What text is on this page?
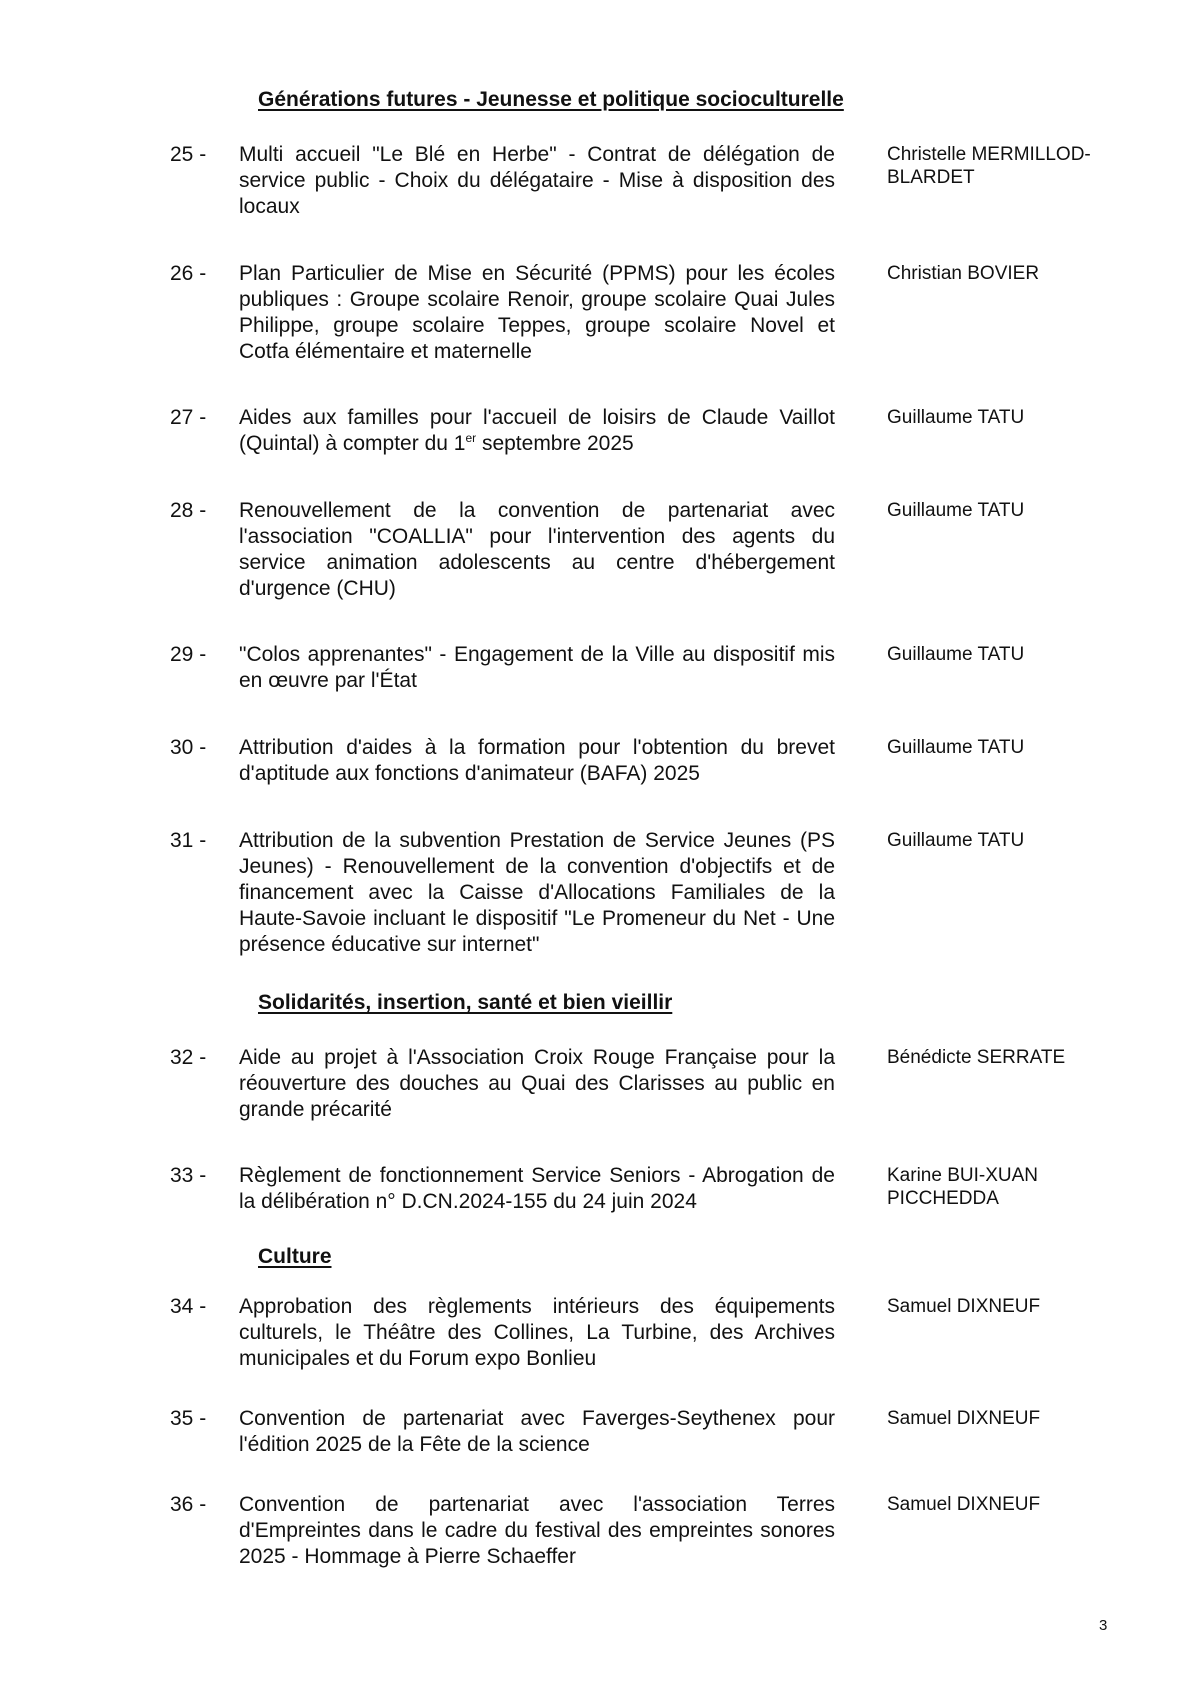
Générations futures - Jeunesse et politique socioculturelle
25 - Multi accueil "Le Blé en Herbe" - Contrat de délégation de service public - Choix du délégataire - Mise à disposition des locaux
Christelle MERMILLOD-BLARDET
26 - Plan Particulier de Mise en Sécurité (PPMS) pour les écoles publiques : Groupe scolaire Renoir, groupe scolaire Quai Jules Philippe, groupe scolaire Teppes, groupe scolaire Novel et Cotfa élémentaire et maternelle
Christian BOVIER
27 - Aides aux familles pour l'accueil de loisirs de Claude Vaillot (Quintal) à compter du 1er septembre 2025
Guillaume TATU
28 - Renouvellement de la convention de partenariat avec l'association "COALLIA" pour l'intervention des agents du service animation adolescents au centre d'hébergement d'urgence (CHU)
Guillaume TATU
29 - "Colos apprenantes" - Engagement de la Ville au dispositif mis en œuvre par l'État
Guillaume TATU
30 - Attribution d'aides à la formation pour l'obtention du brevet d'aptitude aux fonctions d'animateur (BAFA) 2025
Guillaume TATU
31 - Attribution de la subvention Prestation de Service Jeunes (PS Jeunes) - Renouvellement de la convention d'objectifs et de financement avec la Caisse d'Allocations Familiales de la Haute-Savoie incluant le dispositif "Le Promeneur du Net - Une présence éducative sur internet"
Guillaume TATU
Solidarités, insertion, santé et bien vieillir
32 - Aide au projet à l'Association Croix Rouge Française pour la réouverture des douches au Quai des Clarisses au public en grande précarité
Bénédicte SERRATE
33 - Règlement de fonctionnement Service Seniors - Abrogation de la délibération n° D.CN.2024-155 du 24 juin 2024
Karine BUI-XUAN PICCHEDDA
Culture
34 - Approbation des règlements intérieurs des équipements culturels, le Théâtre des Collines, La Turbine, des Archives municipales et du Forum expo Bonlieu
Samuel DIXNEUF
35 - Convention de partenariat avec Faverges-Seythenex pour l'édition 2025 de la Fête de la science
Samuel DIXNEUF
36 - Convention de partenariat avec l'association Terres d'Empreintes dans le cadre du festival des empreintes sonores 2025 - Hommage à Pierre Schaeffer
Samuel DIXNEUF
3
